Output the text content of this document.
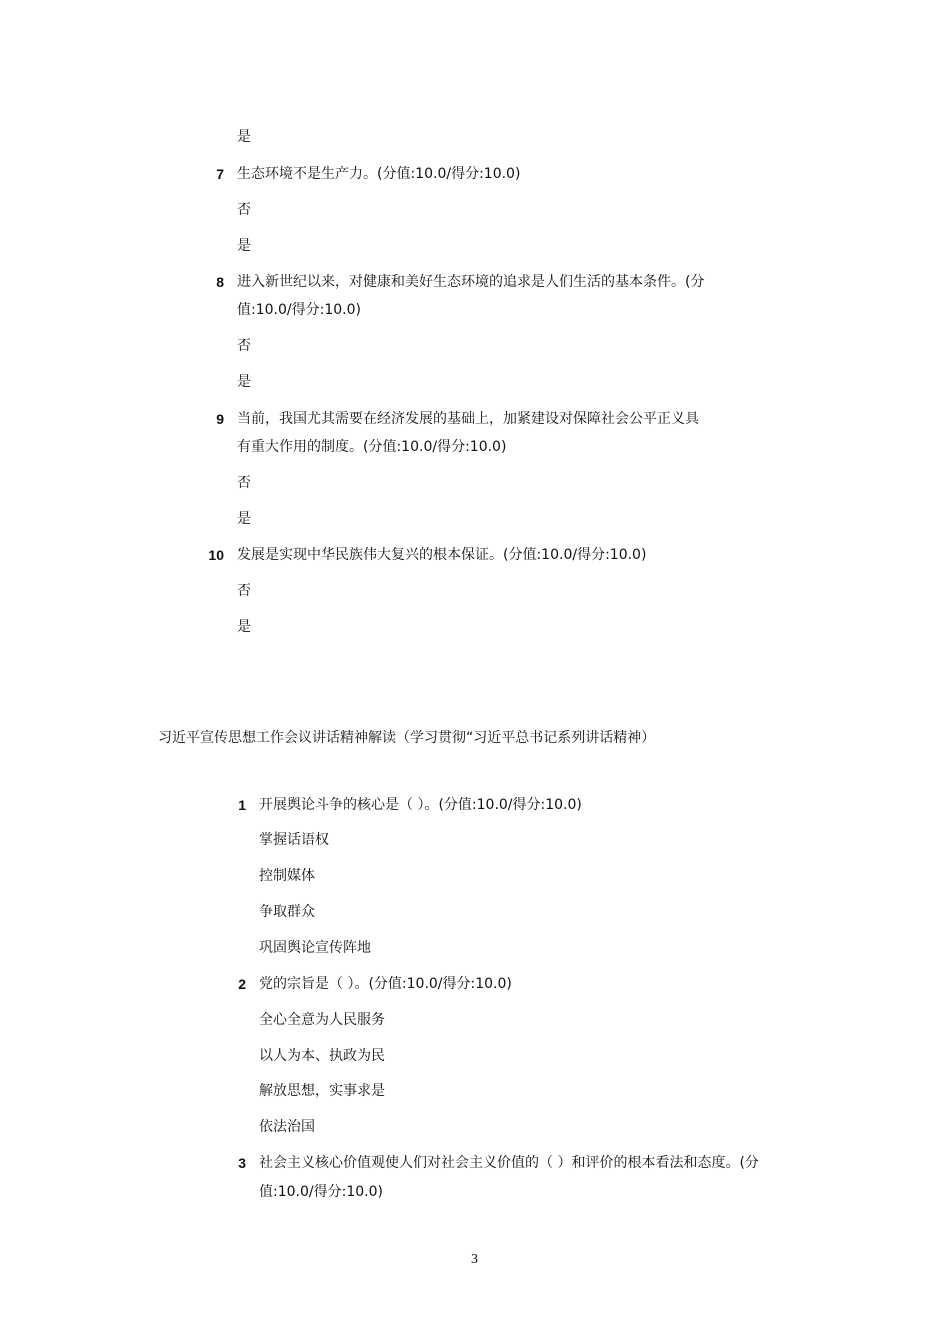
是
7 生态环境不是生产力。(分值:10.0/得分:10.0)
否
是
8 进入新世纪以来，对健康和美好生态环境的追求是人们生活的基本条件。(分
值:10.0/得分:10.0)
否
是
9 当前，我国尤其需要在经济发展的基础上，加紧建设对保障社会公平正义具
有重大作用的制度。(分值:10.0/得分:10.0)
否
是
10 发展是实现中华民族伟大复兴的根本保证。(分值:10.0/得分:10.0)
否
是
习近平宣传思想工作会议讲话精神解读（学习贯彻“习近平总书记系列讲话精神）
1 开展舆论斗争的核心是（ ）。(分值:10.0/得分:10.0)
掌握话语权
控制媒体
争取群众
巩固舆论宣传阵地
2 党的宗旨是（ ）。(分值:10.0/得分:10.0)
全心全意为人民服务
以人为本、执政为民
解放思想，实事求是
依法治国
3 社会主义核心价值观使人们对社会主义价值的（ ）和评价的根本看法和态度。(分
值:10.0/得分:10.0)
3
